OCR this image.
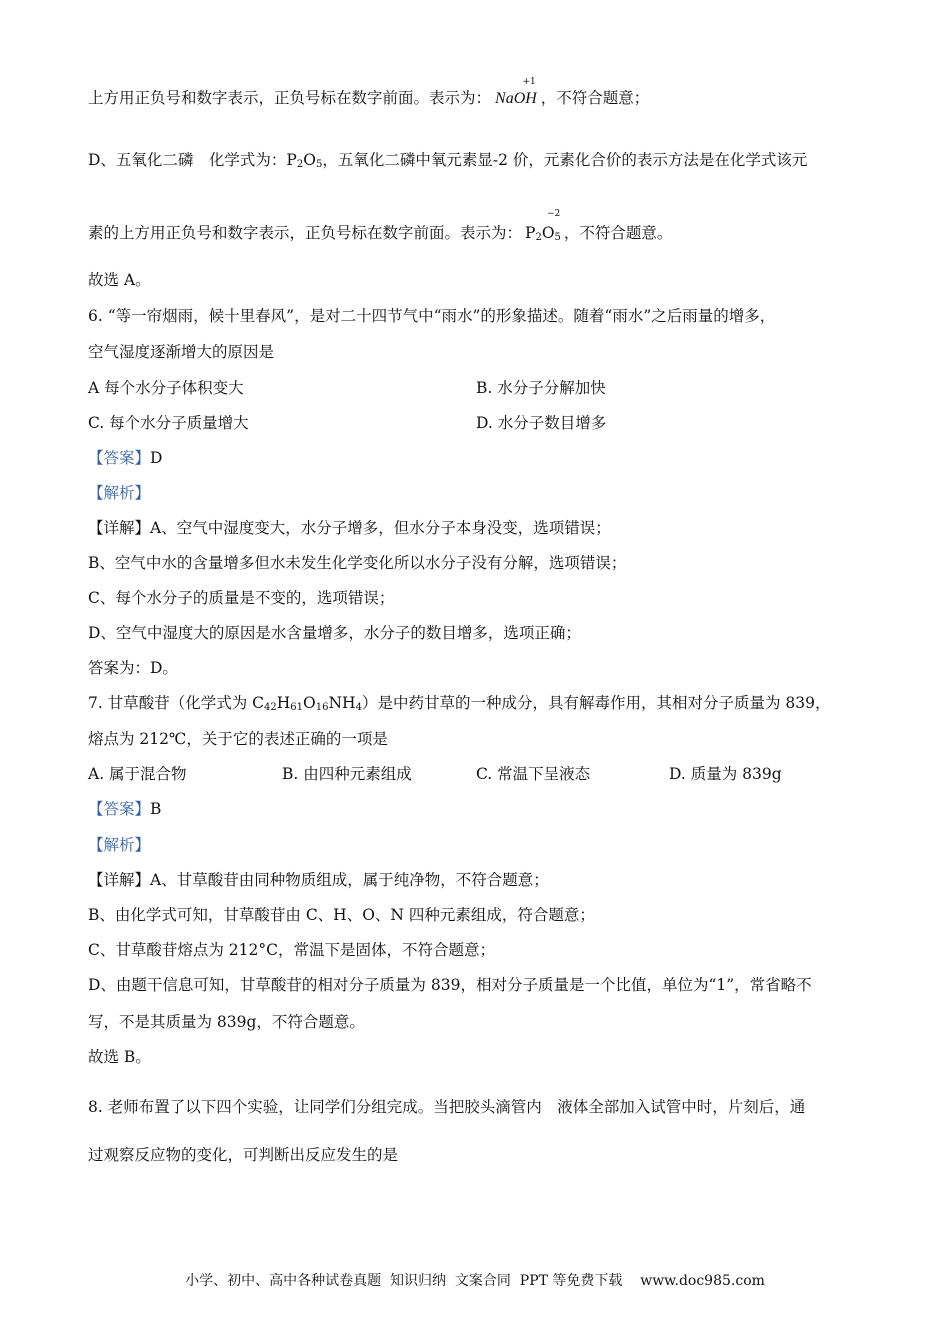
上方用正负号和数字表示，正负号标在数字前面。表示为： NaOH
+1
，不符合题意；
D、五氧化二磷　化学式为：$P_2O_5$，五氧化二磷中氧元素显-2 价，元素化合价的表示方法是在化学式该元
素的上方用正负号和数字表示，正负号标在数字前面。表示为： $P_2O_5$
−2
，不符合题意。
故选 A。
6. “等一帘烟雨，候十里春风”，是对二十四节气中“雨水”的形象描述。随着“雨水”之后雨量的增多，
空气湿度逐渐增大的原因是
A 每个水分子体积变大	B. 水分子分解加快
C. 每个水分子质量增大	D. 水分子数目增多
【答案】D
【解析】
【详解】A、空气中湿度变大，水分子增多，但水分子本身没变，选项错误；
B、空气中水的含量增多但水未发生化学变化所以水分子没有分解，选项错误；
C、每个水分子的质量是不变的，选项错误；
D、空气中湿度大的原因是水含量增多，水分子的数目增多，选项正确；
答案为：D。
7. 甘草酸苷（化学式为 $C_{42}H_{61}O_{16}NH_4$）是中药甘草的一种成分，具有解毒作用，其相对分子质量为 839，
熔点为 212℃，关于它的表述正确的一项是
A. 属于混合物	B. 由四种元素组成	C. 常温下呈液态	D. 质量为 839g
【答案】B
【解析】
【详解】A、甘草酸苷由同种物质组成，属于纯净物，不符合题意；
B、由化学式可知，甘草酸苷由 C、H、O、N 四种元素组成，符合题意；
C、甘草酸苷熔点为 212°C，常温下是固体，不符合题意；
D、由题干信息可知，甘草酸苷的相对分子质量为 839，相对分子质量是一个比值，单位为“1”，常省略不
写，不是其质量为 839g，不符合题意。
故选 B。
8. 老师布置了以下四个实验，让同学们分组完成。当把胶头滴管内　液体全部加入试管中时，片刻后，通
过观察反应物的变化，可判断出反应发生的是
小学、初中、高中各种试卷真题  知识归纳  文案合同  PPT 等免费下载    www.doc985.com
